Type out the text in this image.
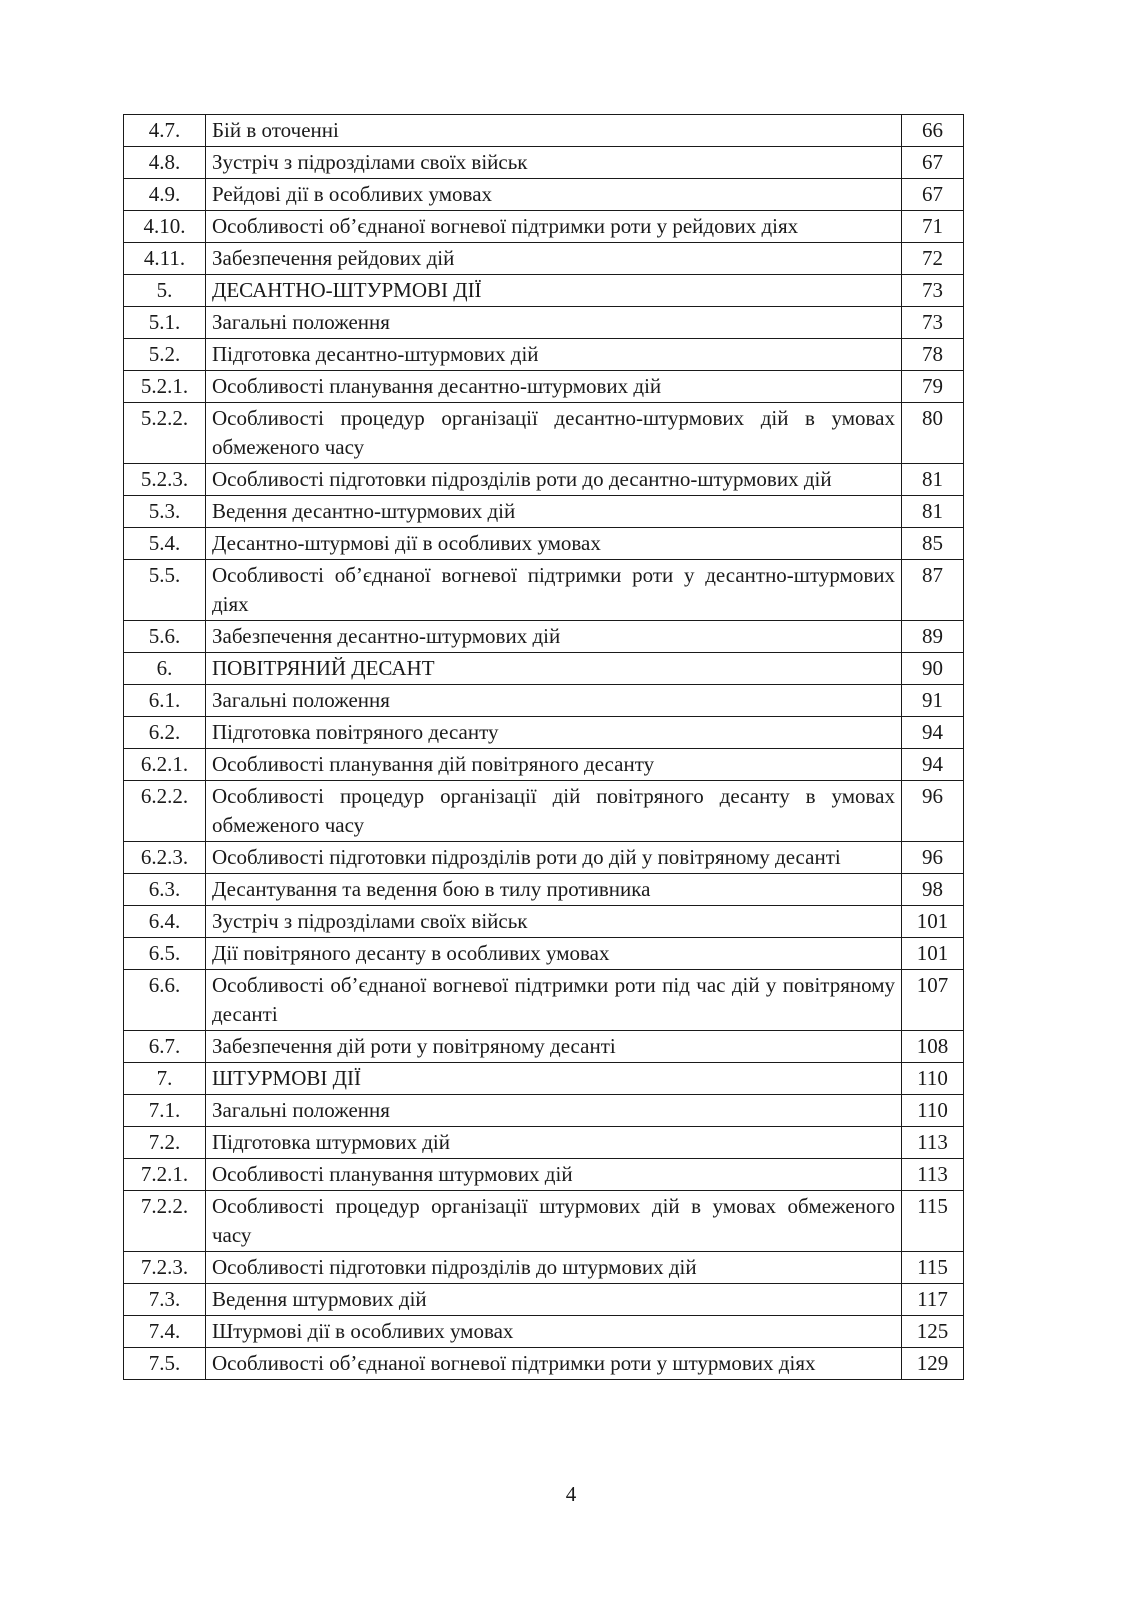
4.7.	Бій в оточенні	66
4.8.	Зустріч з підрозділами своїх військ	67
4.9.	Рейдові дії в особливих умовах	67
4.10.	Особливості об’єднаної вогневої підтримки роти у рейдових діях	71
4.11.	Забезпечення рейдових дій	72
5.	ДЕСАНТНО-ШТУРМОВІ ДІЇ	73
5.1.	Загальні положення	73
5.2.	Підготовка десантно-штурмових дій	78
5.2.1.	Особливості планування десантно-штурмових дій	79
5.2.2.	Особливості процедур організації десантно-штурмових дій в умовах обмеженого часу	80
5.2.3.	Особливості підготовки підрозділів роти до десантно-штурмових дій	81
5.3.	Ведення десантно-штурмових дій	81
5.4.	Десантно-штурмові дії в особливих умовах	85
5.5.	Особливості об’єднаної вогневої підтримки роти у десантно-штурмових діях	87
5.6.	Забезпечення десантно-штурмових дій	89
6.	ПОВІТРЯНИЙ ДЕСАНТ	90
6.1.	Загальні положення	91
6.2.	Підготовка повітряного десанту	94
6.2.1.	Особливості планування дій повітряного десанту	94
6.2.2.	Особливості процедур організації дій повітряного десанту в умовах обмеженого часу	96
6.2.3.	Особливості підготовки підрозділів роти до дій у повітряному десанті	96
6.3.	Десантування та ведення бою в тилу противника	98
6.4.	Зустріч з підрозділами своїх військ	101
6.5.	Дії повітряного десанту в особливих умовах	101
6.6.	Особливості об’єднаної вогневої підтримки роти під час дій у повітряному десанті	107
6.7.	Забезпечення дій роти у повітряному десанті	108
7.	ШТУРМОВІ ДІЇ	110
7.1.	Загальні положення	110
7.2.	Підготовка штурмових дій	113
7.2.1.	Особливості планування штурмових дій	113
7.2.2.	Особливості процедур організації штурмових дій в умовах обмеженого часу	115
7.2.3.	Особливості підготовки підрозділів до штурмових дій	115
7.3.	Ведення штурмових дій	117
7.4.	Штурмові дії в особливих умовах	125
7.5.	Особливості об’єднаної вогневої підтримки роти у штурмових діях	129
4
